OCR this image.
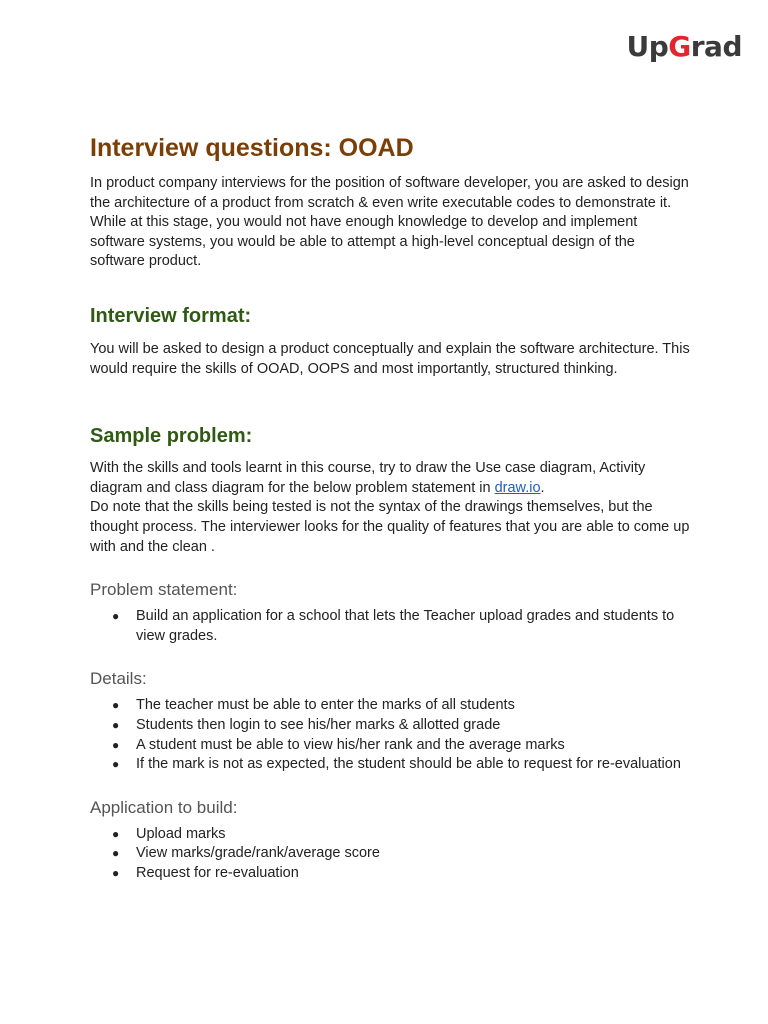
UpGrad
Interview questions: OOAD

In product company interviews for the position of software developer, you are asked to design the architecture of a product from scratch & even write executable codes to demonstrate it. While at this stage, you would not have enough knowledge to develop and implement software systems, you would be able to attempt a high-level conceptual design of the software product.

Interview format:

You will be asked to design a product conceptually and explain the software architecture. This would require the skills of OOAD, OOPS and most importantly, structured thinking.

Sample problem:

With the skills and tools learnt in this course, try to draw the Use case diagram, Activity diagram and class diagram for the below problem statement in draw.io.

Do note that the skills being tested is not the syntax of the drawings themselves, but the thought process. The interviewer looks for the quality of features that you are able to come up with and the clean .

Problem statement:
● Build an application for a school that lets the Teacher upload grades and students to view grades.
Details:
● The teacher must be able to enter the marks of all students
● Students then login to see his/her marks & allotted grade
● A student must be able to view his/her rank and the average marks
● If the mark is not as expected, the student should be able to request for re-evaluation
Application to build:
● Upload marks
● View marks/grade/rank/average score
● Request for re-evaluation
